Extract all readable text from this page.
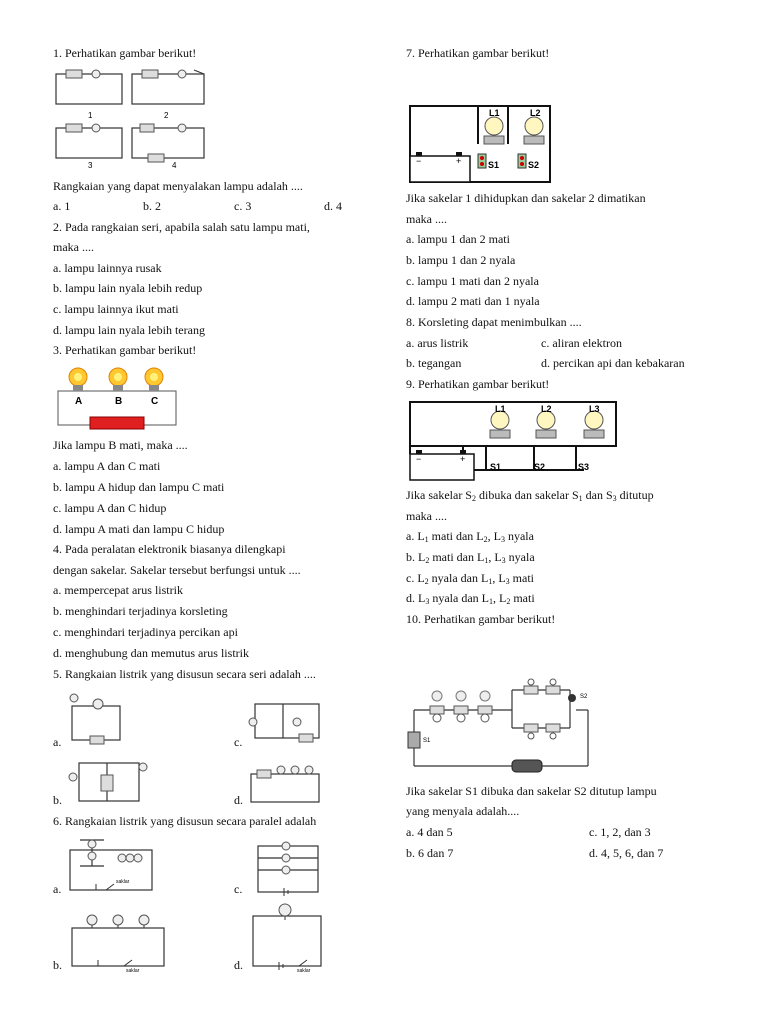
1. Perhatikan gambar berikut!
1	2
3	4
Rangkaian yang dapat menyalakan lampu adalah ....
a. 1	b. 2	c. 3	d. 4
2. Pada rangkaian seri, apabila salah satu lampu mati,
maka ....
a. lampu lainnya rusak
b. lampu lain nyala lebih redup
c. lampu lainnya ikut mati
d. lampu lain nyala lebih terang
3. Perhatikan gambar berikut!
A	B	C
Jika lampu B mati, maka ....
a. lampu A dan C mati
b. lampu A hidup dan lampu C mati
c. lampu A dan C hidup
d. lampu A mati dan lampu C hidup
4. Pada peralatan elektronik biasanya dilengkapi
dengan sakelar. Sakelar tersebut berfungsi untuk ....
a. mempercepat arus listrik
b. menghindari terjadinya korsleting
c. menghindari terjadinya percikan api
d. menghubung dan memutus arus listrik
5. Rangkaian listrik yang disusun secara seri adalah ....
a.	c.
b.	d.
6. Rangkaian listrik yang disusun secara paralel adalah
a.	saklar	c.
b.	saklar	d.	saklar
7. Perhatikan gambar berikut!
−	+
L1	L2
S1	S2
Jika sakelar 1 dihidupkan dan sakelar 2 dimatikan
maka ....
a. lampu 1 dan 2 mati
b. lampu 1 dan 2 nyala
c. lampu 1 mati dan 2 nyala
d. lampu 2 mati dan 1 nyala
8. Korsleting dapat menimbulkan ....
a. arus listrik	c. aliran elektron
b. tegangan	d. percikan api dan kebakaran
9. Perhatikan gambar berikut!
−	+
L1	L2	L3
S1	S2	S3
Jika sakelar $S_2$ dibuka dan sakelar $S_1$ dan $S_3$ ditutup
maka ....
a. $L_1$ mati dan $L_2$, $L_3$ nyala
b. $L_2$ mati dan $L_1$, $L_3$ nyala
c. $L_2$ nyala dan $L_1$, $L_3$ mati
d. $L_3$ nyala dan $L_1$, $L_2$ mati
10. Perhatikan gambar berikut!
S1
S2
Jika sakelar S1 dibuka dan sakelar S2 ditutup lampu
yang menyala adalah....
a. 4 dan 5	c. 1, 2, dan 3
b. 6 dan 7	d. 4, 5, 6, dan 7
